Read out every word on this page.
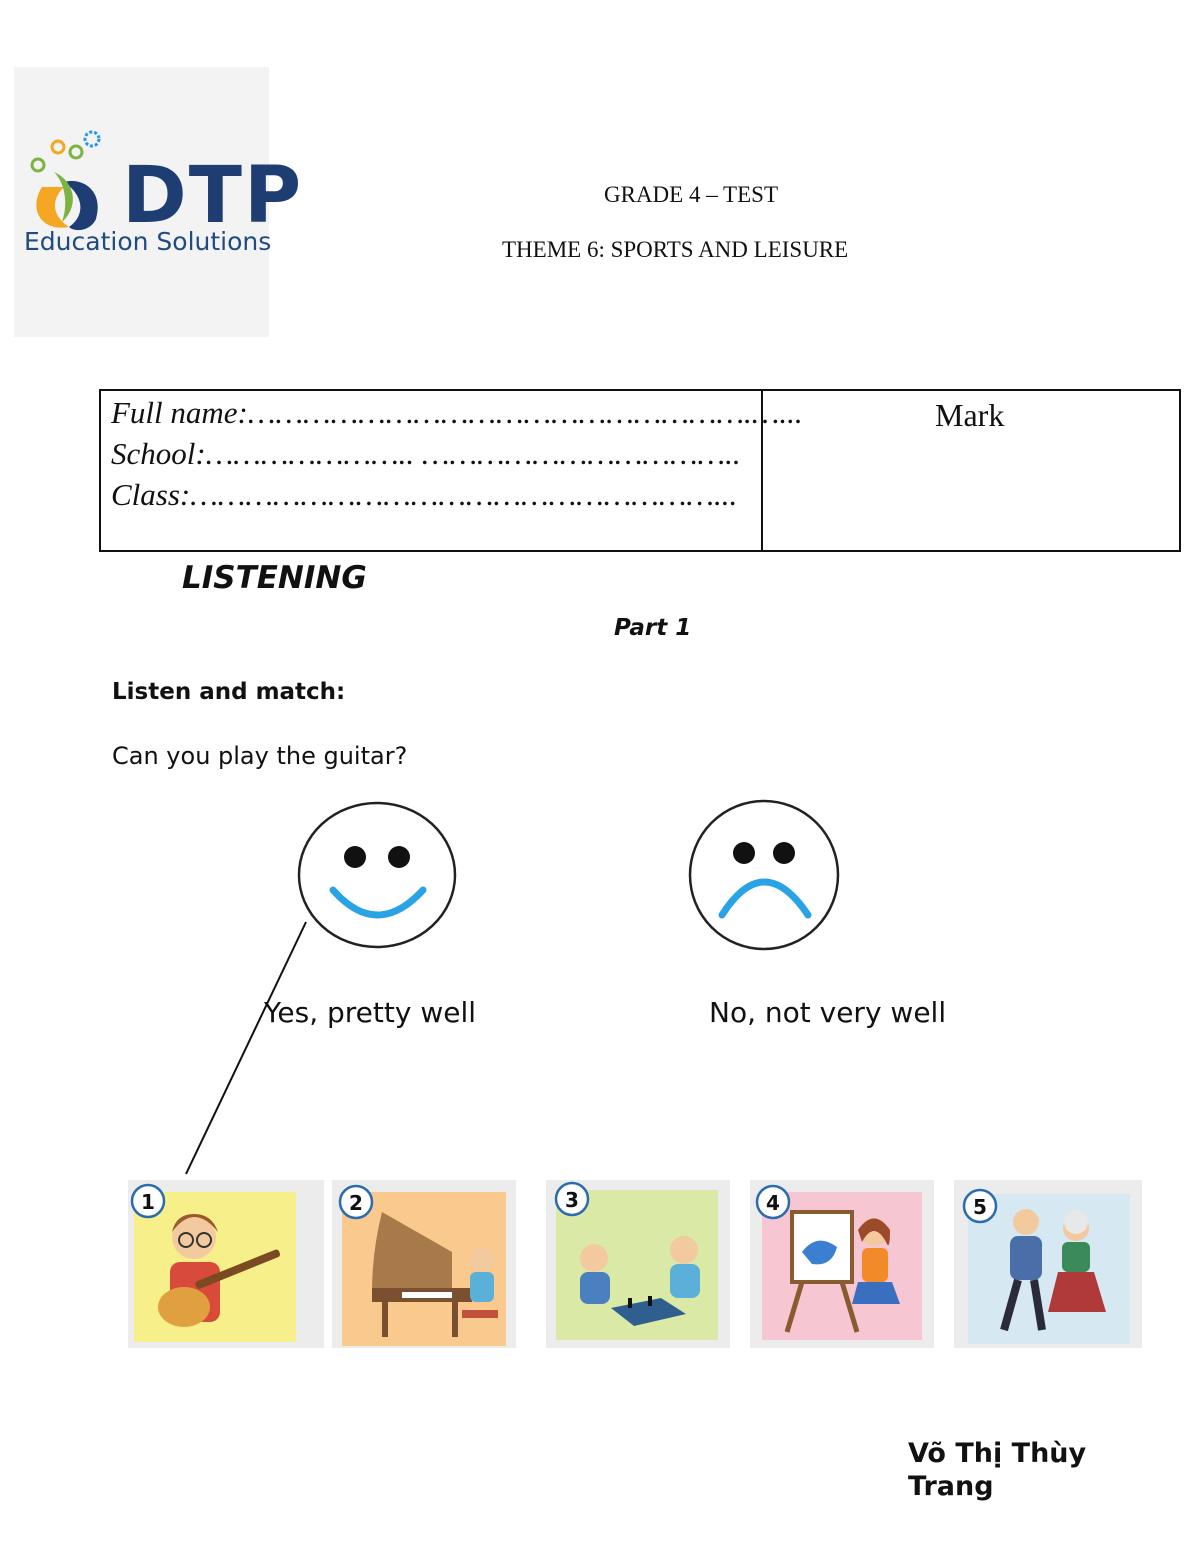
DTP
Education Solutions
GRADE 4 – TEST
THEME 6: SPORTS AND LEISURE
Full name:……………………………………………….…...
School:………………….. ……………………………..
Class:…………………………………………………...
Mark
LISTENING
Part 1
Listen and match:
Can you play the guitar?
Yes, pretty well	No, not very well
1	2	3	4	5
Võ Thị Thùy
Trang
